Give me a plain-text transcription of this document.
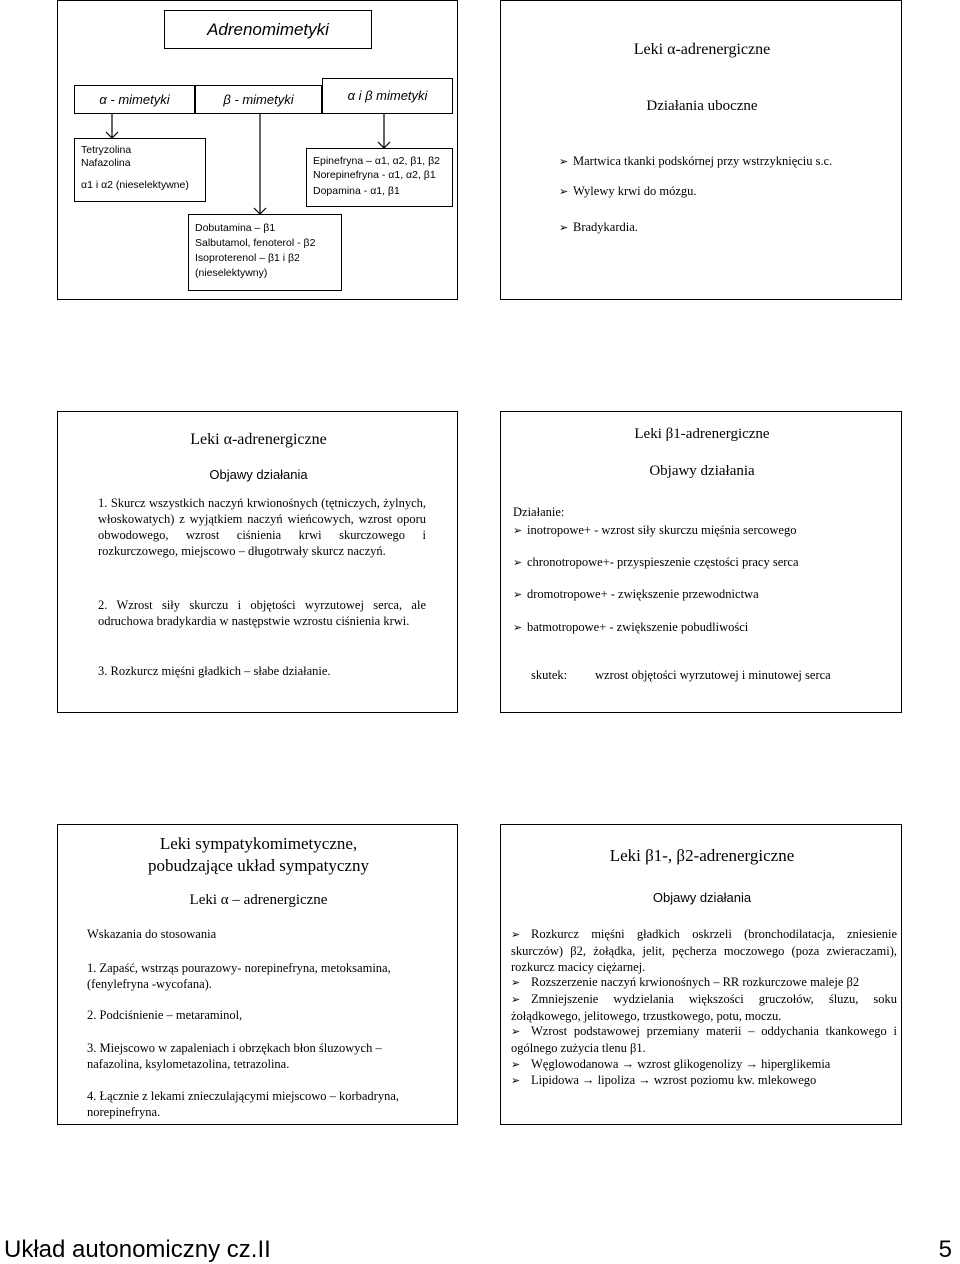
Adrenomimetyki
α - mimetyki	β - mimetyki	α i β mimetyki
Tetryzolina
Nafazolina
α1 i α2 (nieselektywne)
Epinefryna – α1, α2, β1, β2
Norepinefryna - α1, α2, β1
Dopamina - α1, β1
Dobutamina – β1
Salbutamol, fenoterol - β2
Isoproterenol – β1 i β2
(nieselektywny)
Leki α-adrenergiczne
Działania uboczne
➢ Martwica tkanki podskórnej przy wstrzyknięciu s.c.
➢ Wylewy krwi do mózgu.
➢ Bradykardia.
Leki α-adrenergiczne
Objawy działania
1. Skurcz wszystkich naczyń krwionośnych (tętniczych, żylnych, włoskowatych) z wyjątkiem naczyń wieńcowych, wzrost oporu obwodowego, wzrost ciśnienia krwi skurczowego i rozkurczowego, miejscowo – długotrwały skurcz naczyń.
2. Wzrost siły skurczu i objętości wyrzutowej serca, ale odruchowa bradykardia w następstwie wzrostu ciśnienia krwi.
3. Rozkurcz mięśni gładkich – słabe działanie.
Leki β1-adrenergiczne
Objawy działania
Działanie:
➢ inotropowe+ - wzrost siły skurczu mięśnia sercowego
➢ chronotropowe+- przyspieszenie częstości pracy serca
➢ dromotropowe+ - zwiększenie przewodnictwa
➢ batmotropowe+ - zwiększenie pobudliwości
skutek: wzrost objętości wyrzutowej i minutowej serca
Leki sympatykomimetyczne,
pobudzające układ sympatyczny
Leki α – adrenergiczne
Wskazania do stosowania
1. Zapaść, wstrząs pourazowy- norepinefryna, metoksamina, (fenylefryna -wycofana).
2. Podciśnienie – metaraminol,
3. Miejscowo w zapaleniach i obrzękach błon śluzowych – nafazolina, ksylometazolina, tetrazolina.
4. Łącznie z lekami znieczulającymi miejscowo – korbadryna, norepinefryna.
Leki β1-, β2-adrenergiczne
Objawy działania
➢ Rozkurcz mięśni gładkich oskrzeli (bronchodilatacja, zniesienie skurczów) β2, żołądka, jelit, pęcherza moczowego (poza zwieraczami), rozkurcz macicy ciężarnej.
➢ Rozszerzenie naczyń krwionośnych – RR rozkurczowe maleje β2
➢ Zmniejszenie wydzielania większości gruczołów, śluzu, soku żołądkowego, jelitowego, trzustkowego, potu, moczu.
➢ Wzrost podstawowej przemiany materii – oddychania tkankowego i ogólnego zużycia tlenu β1.
➢ Węglowodanowa → wzrost glikogenolizy → hiperglikemia
➢ Lipidowa → lipoliza → wzrost poziomu kw. mlekowego
Układ autonomiczny cz.II	5
